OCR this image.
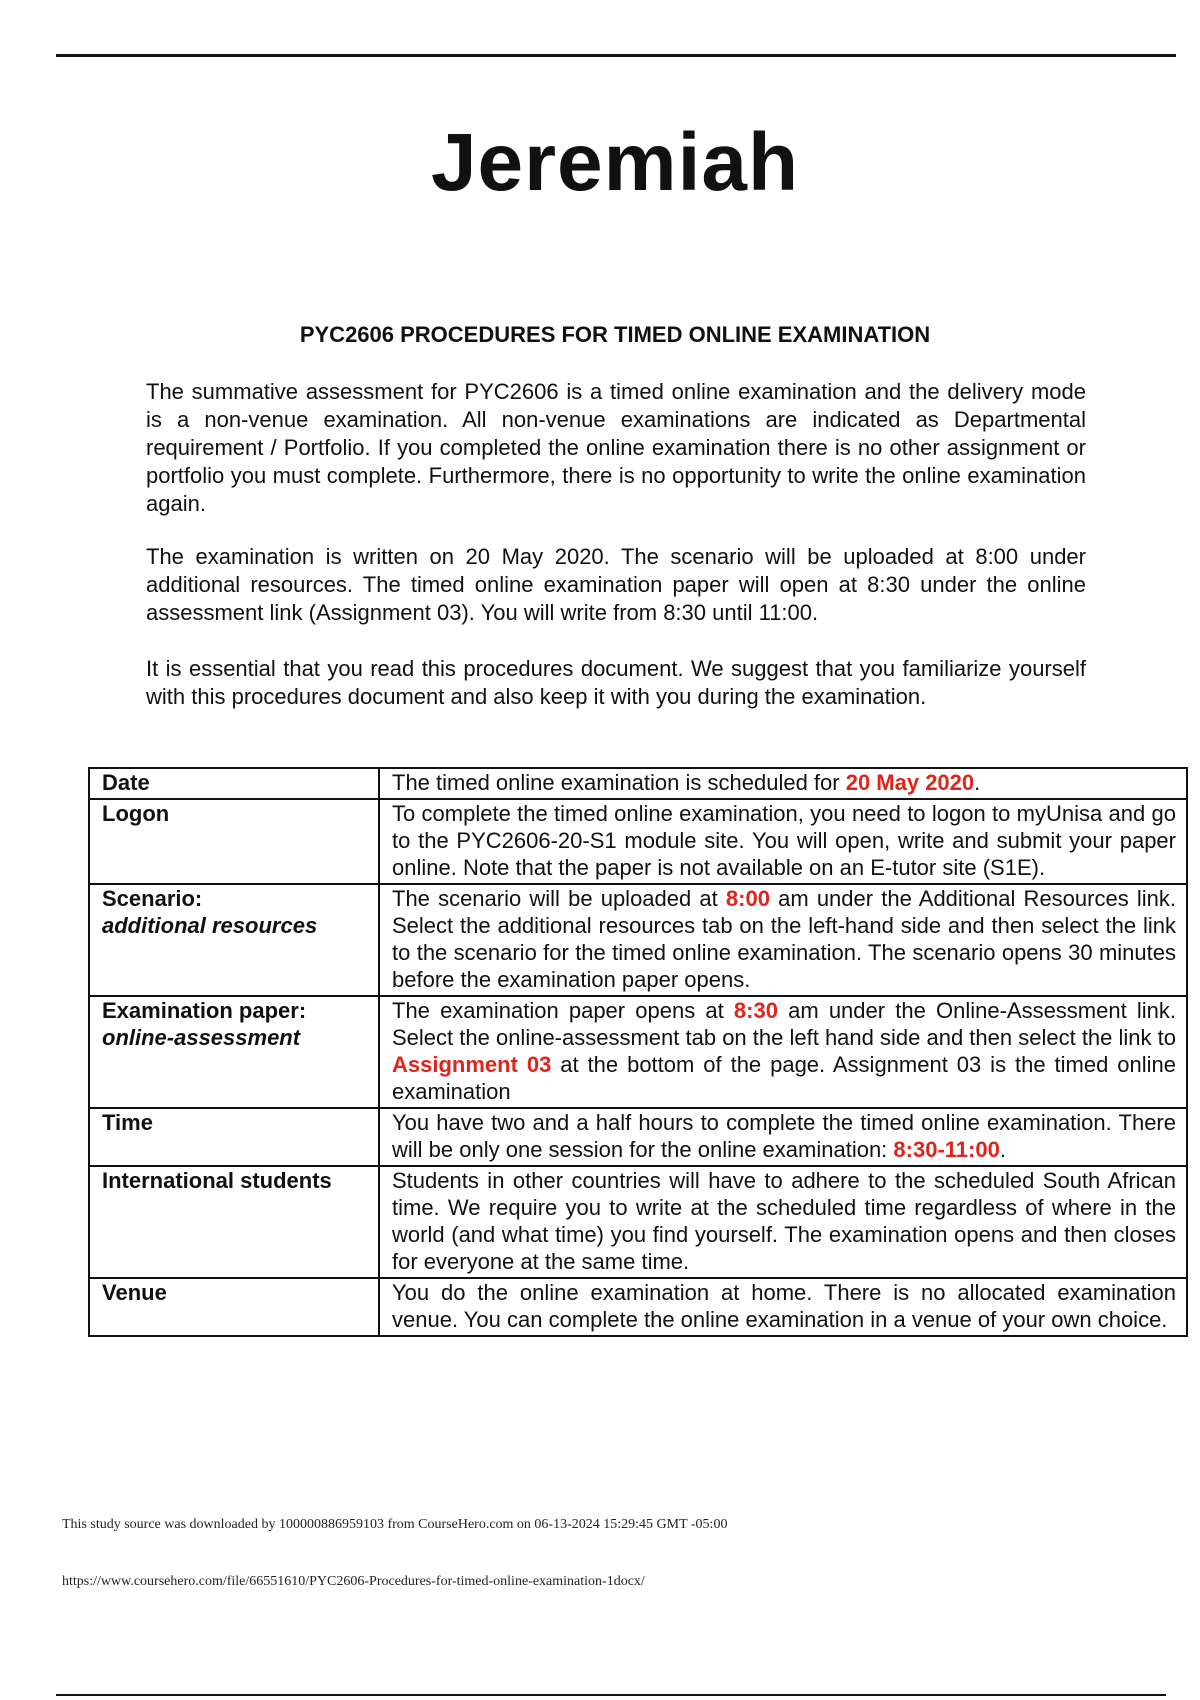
Jeremiah
PYC2606 PROCEDURES FOR TIMED ONLINE EXAMINATION
The summative assessment for PYC2606 is a timed online examination and the delivery mode is a non-venue examination. All non-venue examinations are indicated as Departmental requirement / Portfolio. If you completed the online examination there is no other assignment or portfolio you must complete. Furthermore, there is no opportunity to write the online examination again.
The examination is written on 20 May 2020. The scenario will be uploaded at 8:00 under additional resources. The timed online examination paper will open at 8:30 under the online assessment link (Assignment 03). You will write from 8:30 until 11:00.
It is essential that you read this procedures document. We suggest that you familiarize yourself with this procedures document and also keep it with you during the examination.
Date	The timed online examination is scheduled for 20 May 2020.
Logon	To complete the timed online examination, you need to logon to myUnisa and go to the PYC2606-20-S1 module site. You will open, write and submit your paper online. Note that the paper is not available on an E-tutor site (S1E).
Scenario:
additional resources	The scenario will be uploaded at 8:00 am under the Additional Resources link. Select the additional resources tab on the left-hand side and then select the link to the scenario for the timed online examination. The scenario opens 30 minutes before the examination paper opens.
Examination paper:
online-assessment	The examination paper opens at 8:30 am under the Online-Assessment link. Select the online-assessment tab on the left hand side and then select the link to Assignment 03 at the bottom of the page. Assignment 03 is the timed online examination
Time	You have two and a half hours to complete the timed online examination. There will be only one session for the online examination: 8:30-11:00.
International students	Students in other countries will have to adhere to the scheduled South African time. We require you to write at the scheduled time regardless of where in the world (and what time) you find yourself. The examination opens and then closes for everyone at the same time.
Venue	You do the online examination at home. There is no allocated examination venue. You can complete the online examination in a venue of your own choice.
This study source was downloaded by 100000886959103 from CourseHero.com on 06-13-2024 15:29:45 GMT -05:00
https://www.coursehero.com/file/66551610/PYC2606-Procedures-for-timed-online-examination-1docx/
